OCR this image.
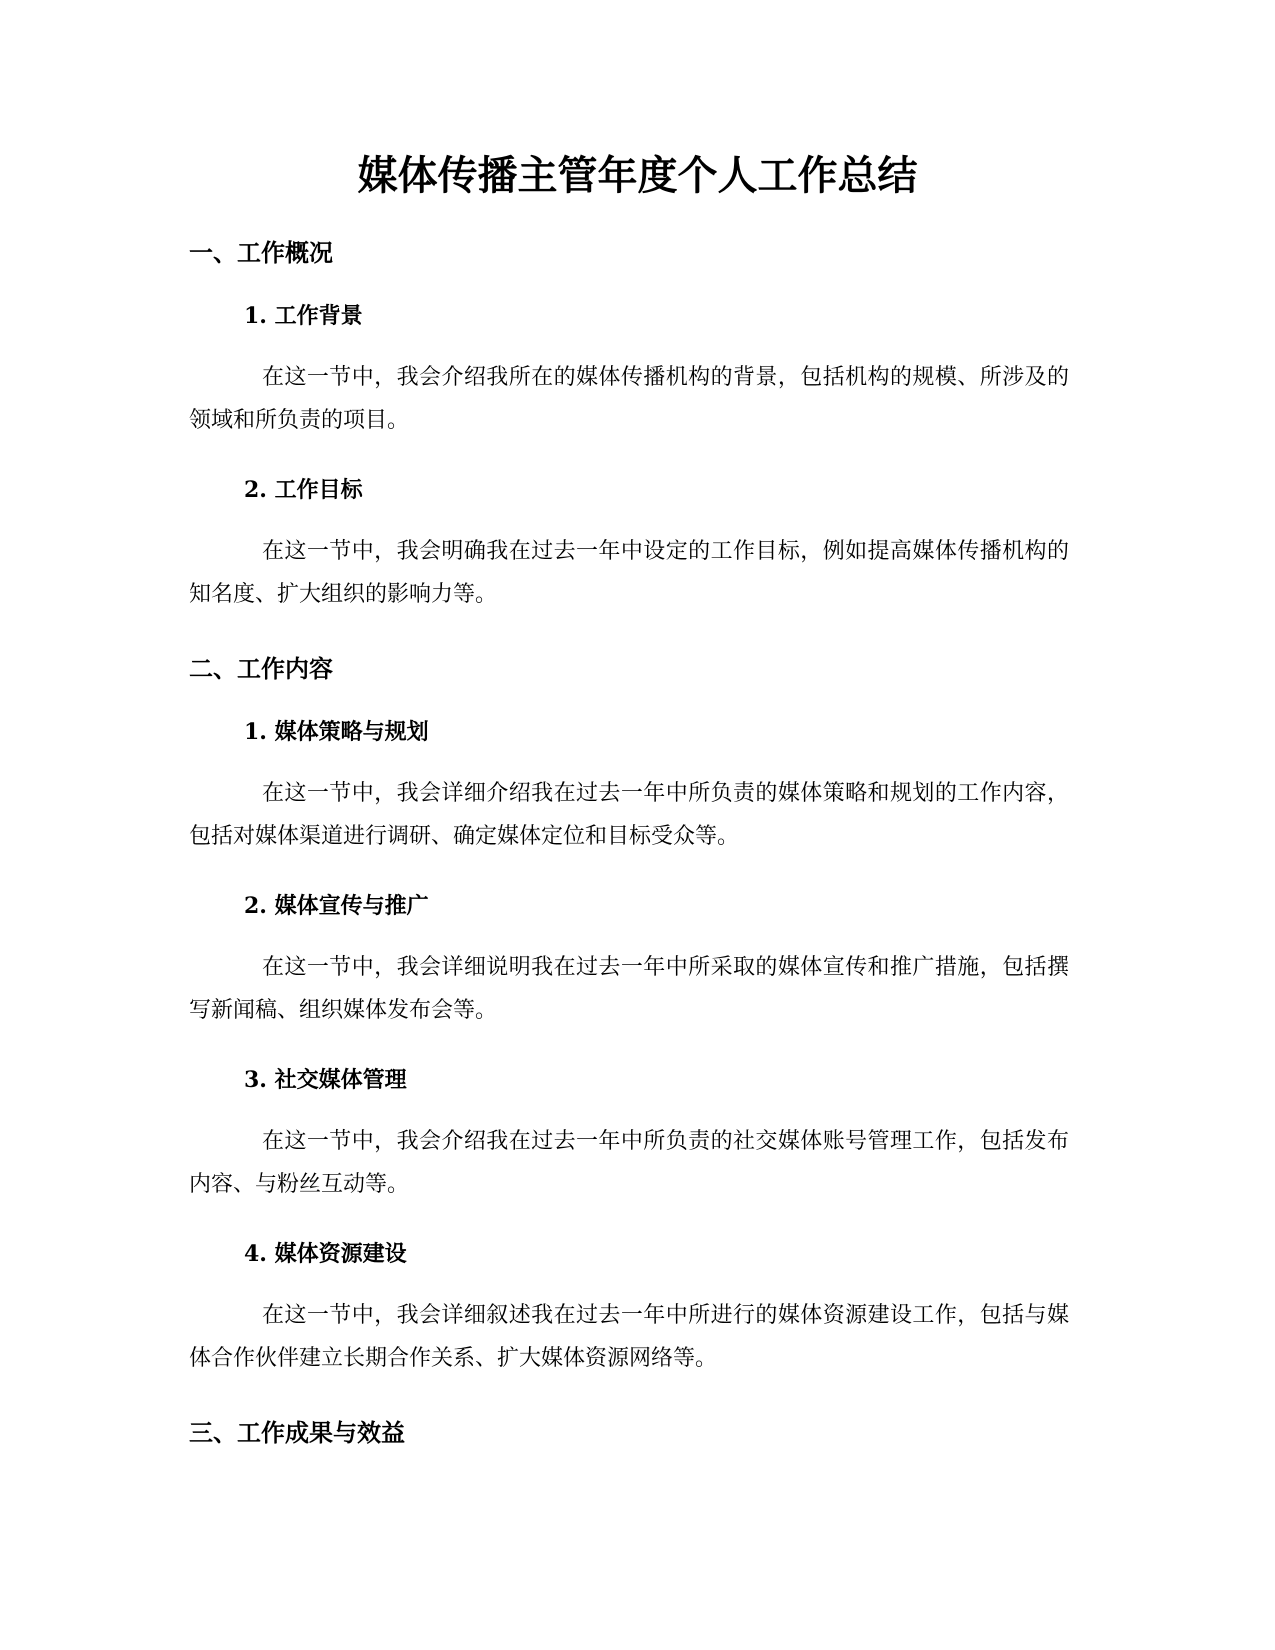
媒体传播主管年度个人工作总结
一、工作概况
1. 工作背景

在这一节中，我会介绍我所在的媒体传播机构的背景，包括机构的规模、所涉及的领域和所负责的项目。

2. 工作目标

在这一节中，我会明确我在过去一年中设定的工作目标，例如提高媒体传播机构的知名度、扩大组织的影响力等。

二、工作内容
1. 媒体策略与规划

在这一节中，我会详细介绍我在过去一年中所负责的媒体策略和规划的工作内容，包括对媒体渠道进行调研、确定媒体定位和目标受众等。

2. 媒体宣传与推广

在这一节中，我会详细说明我在过去一年中所采取的媒体宣传和推广措施，包括撰写新闻稿、组织媒体发布会等。

3. 社交媒体管理

在这一节中，我会介绍我在过去一年中所负责的社交媒体账号管理工作，包括发布内容、与粉丝互动等。

4. 媒体资源建设

在这一节中，我会详细叙述我在过去一年中所进行的媒体资源建设工作，包括与媒体合作伙伴建立长期合作关系、扩大媒体资源网络等。

三、工作成果与效益
